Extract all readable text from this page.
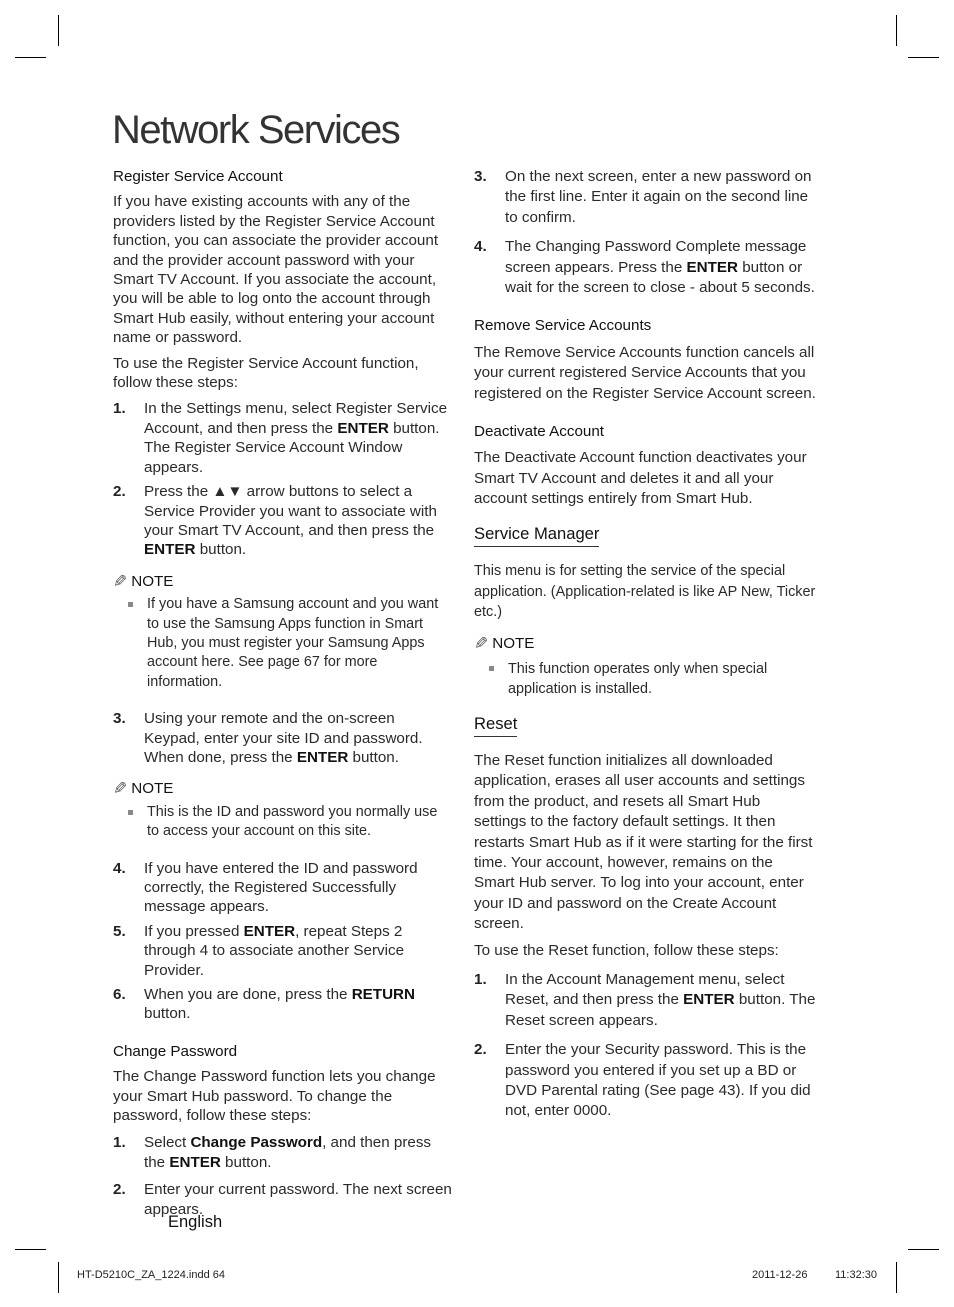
Network Services
Register Service Account

If you have existing accounts with any of the providers listed by the Register Service Account function, you can associate the provider account and the provider account password with your Smart TV Account. If you associate the account, you will be able to log onto the account through Smart Hub easily, without entering your account name or password.

To use the Register Service Account function, follow these steps:

1. In the Settings menu, select Register Service Account, and then press the ENTER button. The Register Service Account Window appears.
2. Press the ▲▼ arrow buttons to select a Service Provider you want to associate with your Smart TV Account, and then press the ENTER button.
✎ NOTE
If you have a Samsung account and you want to use the Samsung Apps function in Smart Hub, you must register your Samsung Apps account here. See page 67 for more information.
3. Using your remote and the on-screen Keypad, enter your site ID and password. When done, press the ENTER button.
✎ NOTE
This is the ID and password you normally use to access your account on this site.
4. If you have entered the ID and password correctly, the Registered Successfully message appears.
5. If you pressed ENTER, repeat Steps 2 through 4 to associate another Service Provider.
6. When you are done, press the RETURN button.
Change Password

The Change Password function lets you change your Smart Hub password. To change the password, follow these steps:

1. Select Change Password, and then press the ENTER button.
2. Enter your current password. The next screen appears.
3. On the next screen, enter a new password on the first line. Enter it again on the second line to confirm.
4. The Changing Password Complete message screen appears. Press the ENTER button or wait for the screen to close - about 5 seconds.
Remove Service Accounts

The Remove Service Accounts function cancels all your current registered Service Accounts that you registered on the Register Service Account screen.

Deactivate Account

The Deactivate Account function deactivates your Smart TV Account and deletes it and all your account settings entirely from Smart Hub.

Service Manager

This menu is for setting the service of the special application. (Application-related is like AP New, Ticker etc.)

✎ NOTE
This function operates only when special application is installed.
Reset

The Reset function initializes all downloaded application, erases all user accounts and settings from the product, and resets all Smart Hub settings to the factory default settings. It then restarts Smart Hub as if it were starting for the first time. Your account, however, remains on the Smart Hub server. To log into your account, enter your ID and password on the Create Account screen.

To use the Reset function, follow these steps:

1. In the Account Management menu, select Reset, and then press the ENTER button. The Reset screen appears.
2. Enter the your Security password. This is the password you entered if you set up a BD or DVD Parental rating (See page 43). If you did not, enter 0000.
English
HT-D5210C_ZA_1224.indd 64	2011-12-26	11:32:30
